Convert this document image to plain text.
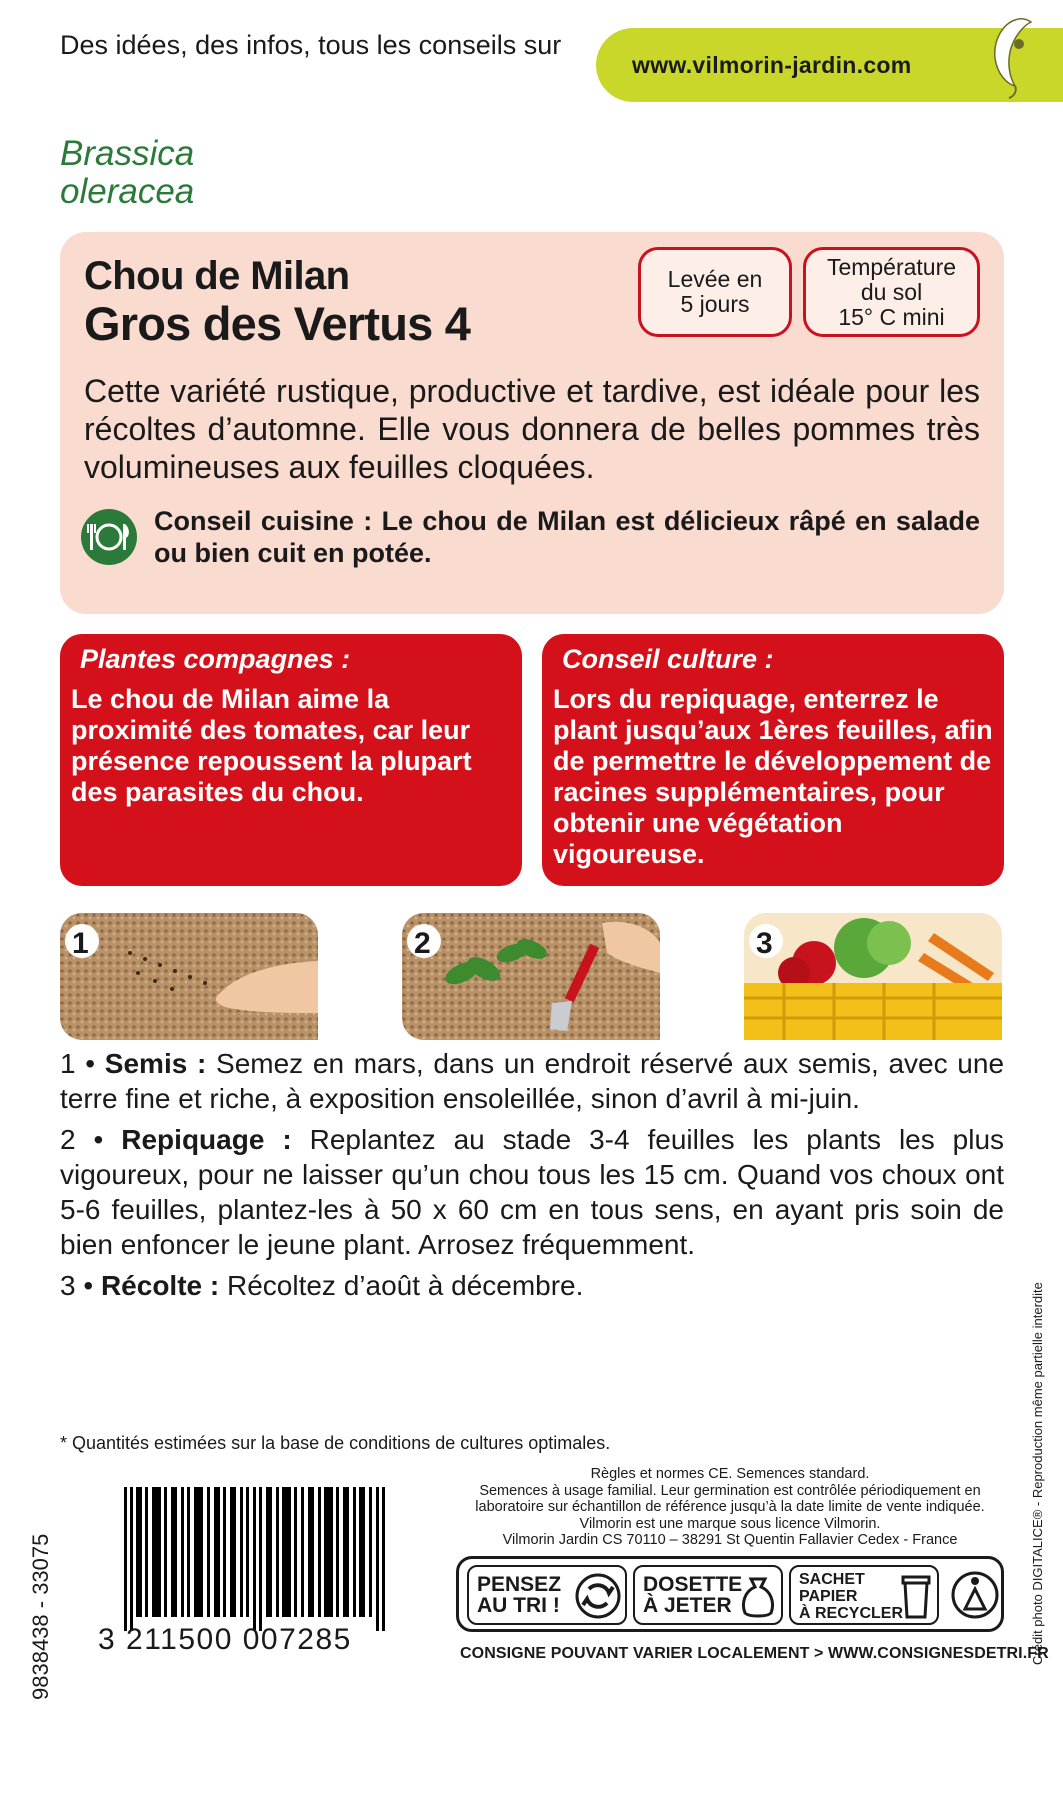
Des idées, des infos, tous les conseils sur
www.vilmorin-jardin.com
Brassica
oleracea
Chou de Milan
Gros des Vertus 4
Levée en
5 jours
Température
du sol
15° C mini
Cette variété rustique, productive et tardive, est idéale pour les récoltes d’automne. Elle vous donnera de belles pommes très volumineuses aux feuilles cloquées.
Conseil cuisine : Le chou de Milan est délicieux râpé en salade ou bien cuit en potée.
Plantes compagnes :
Le chou de Milan aime la proximité des tomates, car leur présence repoussent la plupart des parasites du chou.
Conseil culture :
Lors du repiquage, enterrez le plant jusqu’aux 1ères feuilles, afin de permettre le développement de racines supplémentaires, pour obtenir une végétation vigoureuse.
1	2	3

1 • Semis : Semez en mars, dans un endroit réservé aux semis, avec une terre fine et riche, à exposition ensoleillée, sinon d’avril à mi-juin.

2 • Repiquage : Replantez au stade 3-4 feuilles les plants les plus vigoureux, pour ne laisser qu’un chou tous les 15 cm. Quand vos choux ont 5-6 feuilles, plantez-les à 50 x 60 cm en tous sens, en ayant pris soin de bien enfoncer le jeune plant. Arrosez fréquemment.

3 • Récolte : Récoltez d’août à décembre.

* Quantités estimées sur la base de conditions de cultures optimales.
9838438 - 33075 3 211500 007285
Règles et normes CE. Semences standard.
Semences à usage familial. Leur germination est contrôlée périodiquement en laboratoire sur échantillon de référence jusqu’à la date limite de vente indiquée.
Vilmorin est une marque sous licence Vilmorin.
Vilmorin Jardin CS 70110 – 38291 St Quentin Fallavier Cedex - France
PENSEZ
AU TRI !
DOSETTE
À JETER
SACHET
PAPIER
À RECYCLER
CONSIGNE POUVANT VARIER LOCALEMENT > WWW.CONSIGNESDETRI.FR
Crédit photo DIGITALICE® - Reproduction même partielle interdite
